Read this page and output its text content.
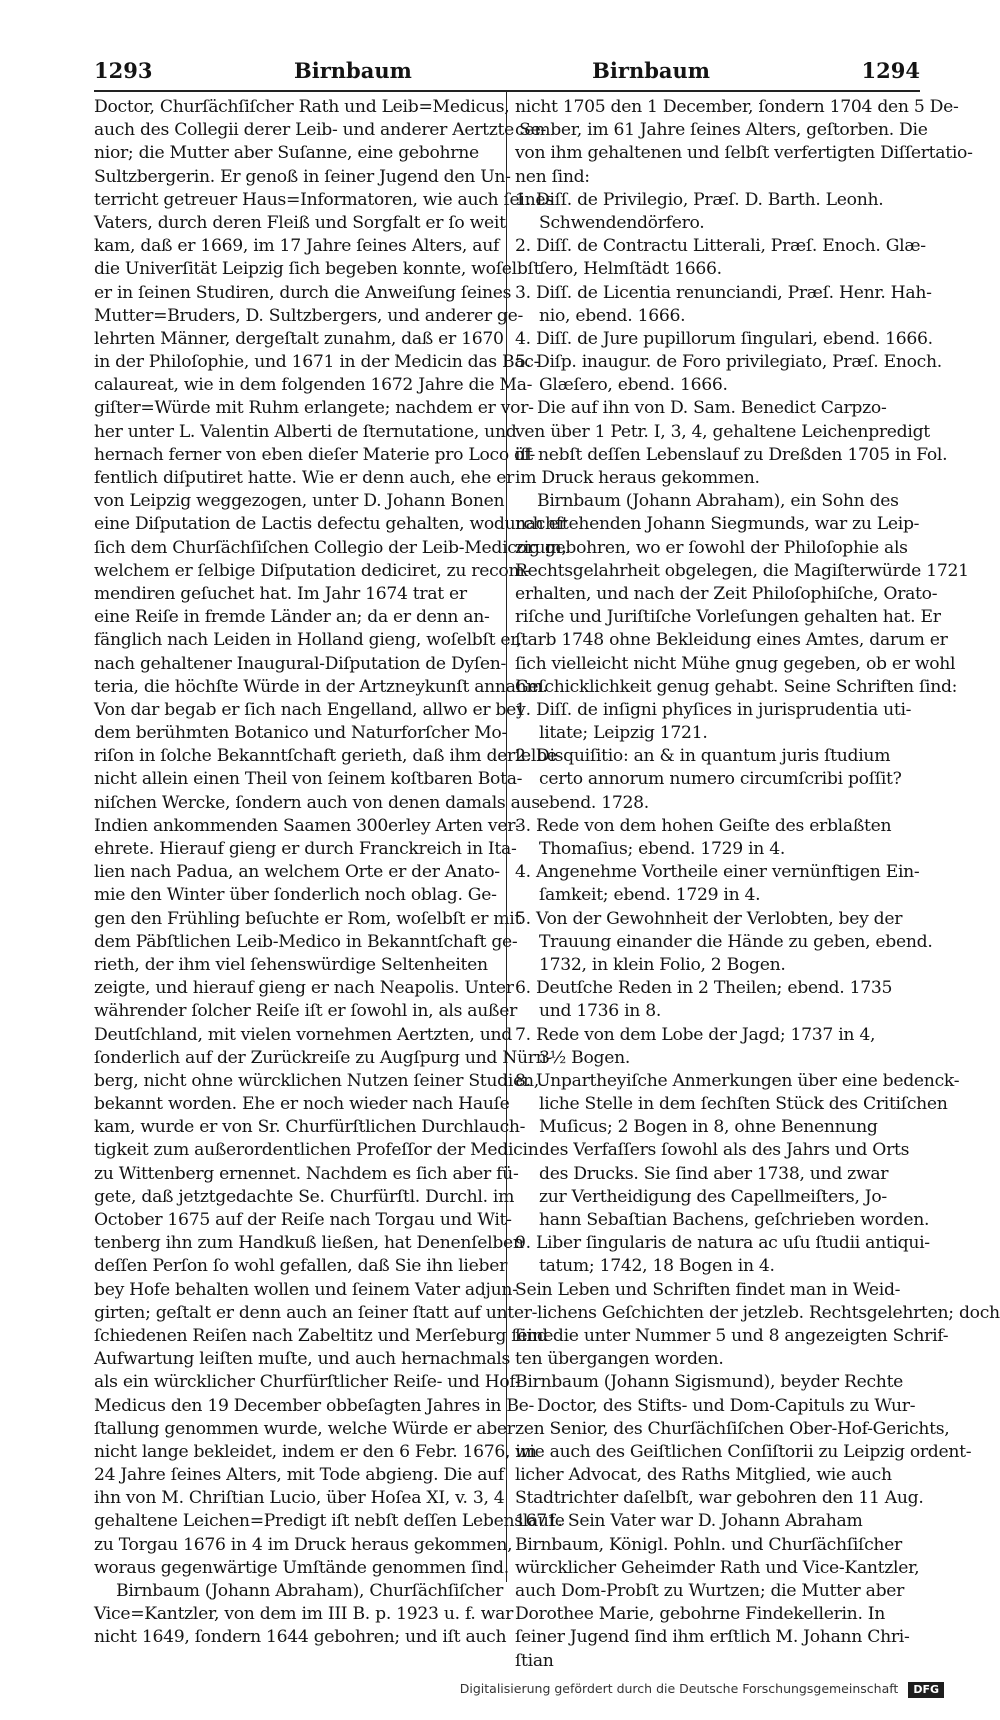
1293	Birnbaum	Birnbaum	1294
Doctor, Churſächſiſcher Rath und Leib=Medicus,
auch des Collegii derer Leib- und anderer Aertzte Se-
nior; die Mutter aber Suſanne, eine gebohrne
Sultzbergerin. Er genoß in ſeiner Jugend den Un-
terricht getreuer Haus=Informatoren, wie auch ſeines
Vaters, durch deren Fleiß und Sorgfalt er ſo weit
kam, daß er 1669, im 17 Jahre ſeines Alters, auf
die Univerſität Leipzig ſich begeben konnte, woſelbſt
er in ſeinen Studiren, durch die Anweiſung ſeines
Mutter=Bruders, D. Sultzbergers, und anderer ge-
lehrten Männer, dergeſtalt zunahm, daß er 1670
in der Philoſophie, und 1671 in der Medicin das Bac-
calaureat, wie in dem folgenden 1672 Jahre die Ma-
giſter=Würde mit Ruhm erlangete; nachdem er vor-
her unter L. Valentin Alberti de ſternutatione, und
hernach ferner von eben dieſer Materie pro Loco öf-
fentlich diſputiret hatte. Wie er denn auch, ehe er
von Leipzig weggezogen, unter D. Johann Bonen
eine Diſputation de Lactis defectu gehalten, wodurch er
ſich dem Churſächſiſchen Collegio der Leib-Medicorum,
welchem er ſelbige Diſputation dediciret, zu recom-
mendiren geſuchet hat. Im Jahr 1674 trat er
eine Reiſe in fremde Länder an; da er denn an-
fänglich nach Leiden in Holland gieng, woſelbſt er,
nach gehaltener Inaugural-Diſputation de Dyſen-
teria, die höchſte Würde in der Artzneykunſt annahm.
Von dar begab er ſich nach Engelland, allwo er bey
dem berühmten Botanico und Naturforſcher Mo-
riſon in ſolche Bekanntſchaft gerieth, daß ihm derſelbe
nicht allein einen Theil von ſeinem koſtbaren Bota-
niſchen Wercke, ſondern auch von denen damals aus
Indien ankommenden Saamen 300erley Arten ver-
ehrete. Hierauf gieng er durch Franckreich in Ita-
lien nach Padua, an welchem Orte er der Anato-
mie den Winter über ſonderlich noch oblag. Ge-
gen den Frühling beſuchte er Rom, woſelbſt er mit
dem Päbſtlichen Leib-Medico in Bekanntſchaft ge-
rieth, der ihm viel ſehenswürdige Seltenheiten
zeigte, und hierauf gieng er nach Neapolis. Unter
währender ſolcher Reiſe iſt er ſowohl in, als außer
Deutſchland, mit vielen vornehmen Aertzten, und
ſonderlich auf der Zurückreiſe zu Augſpurg und Nürn-
berg, nicht ohne würcklichen Nutzen ſeiner Studien,
bekannt worden. Ehe er noch wieder nach Hauſe
kam, wurde er von Sr. Churfürſtlichen Durchlauch-
tigkeit zum außerordentlichen Profeſſor der Medicin
zu Wittenberg ernennet. Nachdem es ſich aber fü-
gete, daß jetztgedachte Se. Churfürſtl. Durchl. im
October 1675 auf der Reiſe nach Torgau und Wit-
tenberg ihn zum Handkuß ließen, hat Denenſelben
deſſen Perſon ſo wohl gefallen, daß Sie ihn lieber
bey Hofe behalten wollen und ſeinem Vater adjun-
girten; geſtalt er denn auch an ſeiner ſtatt auf unter-
ſchiedenen Reiſen nach Zabeltitz und Merſeburg ſeine
Aufwartung leiſten muſte, und auch hernachmals
als ein würcklicher Churfürſtlicher Reiſe- und Hof-
Medicus den 19 December obbeſagten Jahres in Be-
ſtallung genommen wurde, welche Würde er aber
nicht lange bekleidet, indem er den 6 Febr. 1676, im
24 Jahre ſeines Alters, mit Tode abgieng. Die auf
ihn von M. Chriſtian Lucio, über Hoſea XI, v. 3, 4
gehaltene Leichen=Predigt iſt nebſt deſſen Lebenslaufe
zu Torgau 1676 in 4 im Druck heraus gekommen,
woraus gegenwärtige Umſtände genommen ſind.
Birnbaum (Johann Abraham), Churſächſiſcher
Vice=Kantzler, von dem im III B. p. 1923 u. f. war
nicht 1649, ſondern 1644 gebohren; und iſt auch
nicht 1705 den 1 December, ſondern 1704 den 5 De-
cember, im 61 Jahre ſeines Alters, geſtorben. Die
von ihm gehaltenen und ſelbſt verfertigten Diſſertatio-
nen ſind:
1. Diſſ. de Privilegio, Præſ. D. Barth. Leonh.
Schwendendörfero.
2. Diſſ. de Contractu Litterali, Præſ. Enoch. Glæ-
ſero, Helmſtädt 1666.
3. Diſſ. de Licentia renunciandi, Præſ. Henr. Hah-
nio, ebend. 1666.
4. Diſſ. de Jure pupillorum ſingulari, ebend. 1666.
5. Diſp. inaugur. de Foro privilegiato, Præſ. Enoch.
Glæſero, ebend. 1666.
Die auf ihn von D. Sam. Benedict Carpzo-
ven über 1 Petr. I, 3, 4, gehaltene Leichenpredigt
iſt nebſt deſſen Lebenslauf zu Dreßden 1705 in Fol.
im Druck heraus gekommen.
Birnbaum (Johann Abraham), ein Sohn des
nachſtehenden Johann Siegmunds, war zu Leip-
zig gebohren, wo er ſowohl der Philoſophie als
Rechtsgelahrheit obgelegen, die Magiſterwürde 1721
erhalten, und nach der Zeit Philoſophiſche, Orato-
riſche und Juriſtiſche Vorleſungen gehalten hat. Er
ſtarb 1748 ohne Bekleidung eines Amtes, darum er
ſich vielleicht nicht Mühe gnug gegeben, ob er wohl
Geſchicklichkeit genug gehabt. Seine Schriften ſind:
1. Diſſ. de inſigni phyſices in jurisprudentia uti-
litate; Leipzig 1721.
2. Disquiſitio: an & in quantum juris ſtudium
certo annorum numero circumſcribi poſſit?
ebend. 1728.
3. Rede von dem hohen Geiſte des erblaßten
Thomaſius; ebend. 1729 in 4.
4. Angenehme Vortheile einer vernünftigen Ein-
ſamkeit; ebend. 1729 in 4.
5. Von der Gewohnheit der Verlobten, bey der
Trauung einander die Hände zu geben, ebend.
1732, in klein Folio, 2 Bogen.
6. Deutſche Reden in 2 Theilen; ebend. 1735
und 1736 in 8.
7. Rede von dem Lobe der Jagd; 1737 in 4,
3½ Bogen.
8. Unpartheyiſche Anmerkungen über eine bedenck-
liche Stelle in dem ſechſten Stück des Critiſchen
Muſicus; 2 Bogen in 8, ohne Benennung
des Verfaſſers ſowohl als des Jahrs und Orts
des Drucks. Sie ſind aber 1738, und zwar
zur Vertheidigung des Capellmeiſters, Jo-
hann Sebaſtian Bachens, geſchrieben worden.
9. Liber ſingularis de natura ac uſu ſtudii antiqui-
tatum; 1742, 18 Bogen in 4.
Sein Leben und Schriften findet man in Weid-
lichens Geſchichten der jetzleb. Rechtsgelehrten; doch
ſind die unter Nummer 5 und 8 angezeigten Schrif-
ten übergangen worden.
Birnbaum (Johann Sigismund), beyder Rechte
Doctor, des Stifts- und Dom-Capituls zu Wur-
zen Senior, des Churſächſiſchen Ober-Hof-Gerichts,
wie auch des Geiſtlichen Conſiſtorii zu Leipzig ordent-
licher Advocat, des Raths Mitglied, wie auch
Stadtrichter daſelbſt, war gebohren den 11 Aug.
1671. Sein Vater war D. Johann Abraham
Birnbaum, Königl. Pohln. und Churſächſiſcher
würcklicher Geheimder Rath und Vice-Kantzler,
auch Dom-Probſt zu Wurtzen; die Mutter aber
Dorothee Marie, gebohrne Findekellerin. In
ſeiner Jugend ſind ihm erſtlich M. Johann Chri-
ſtian
Digitalisierung gefördert durch die Deutsche Forschungsgemeinschaft DFG
